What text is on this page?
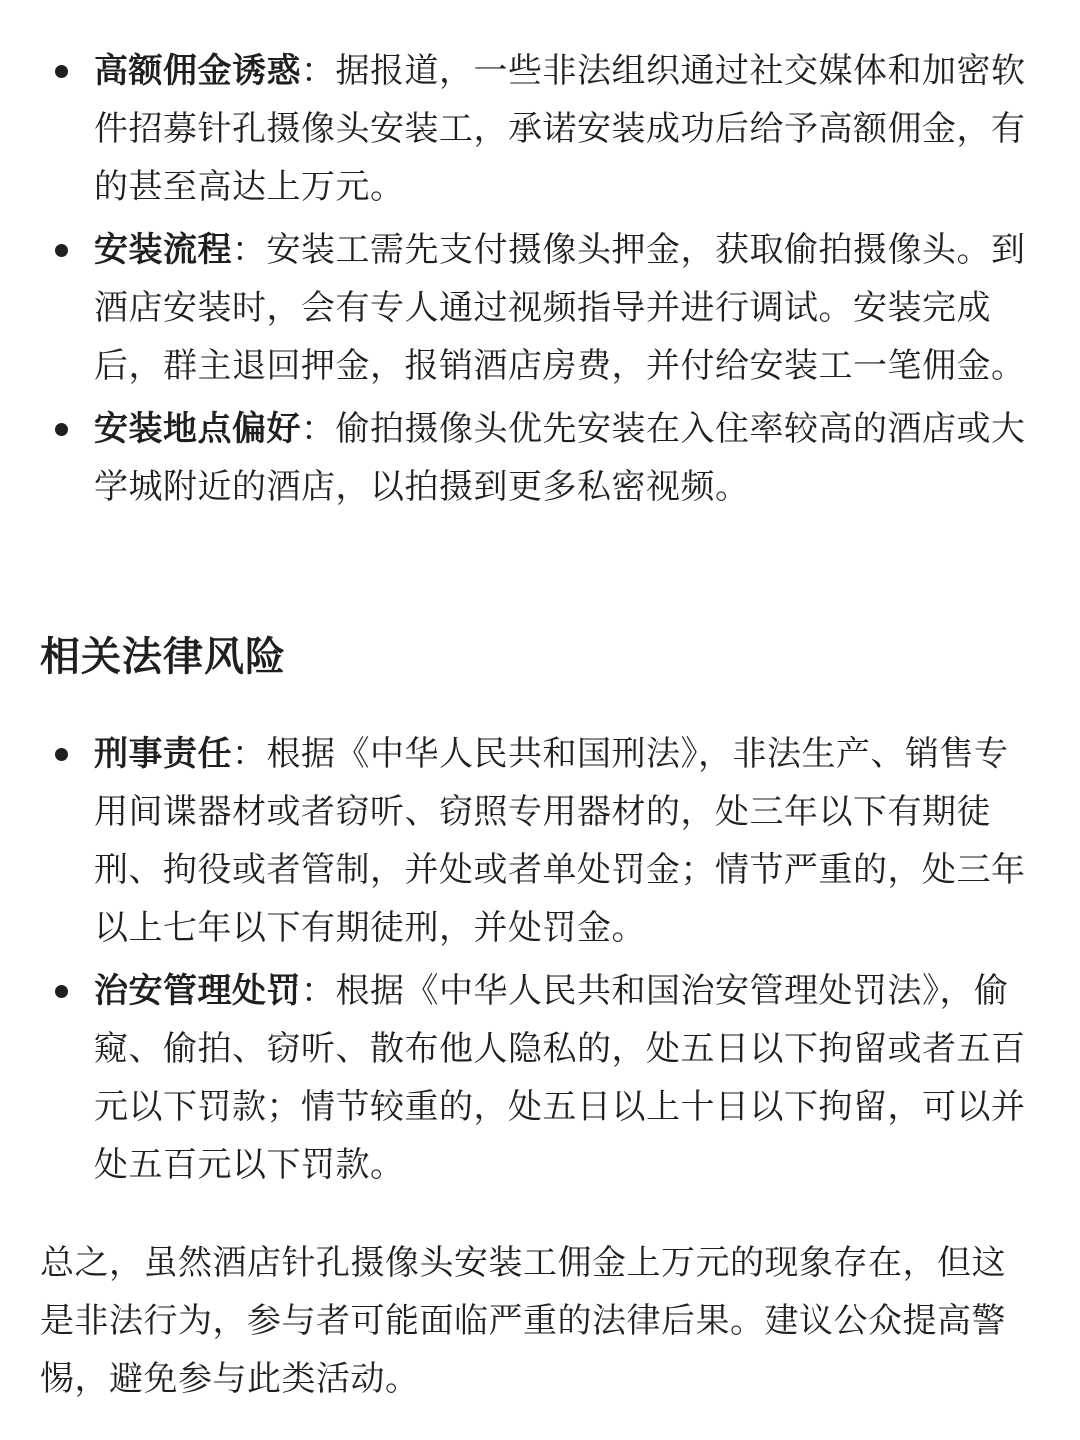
高额佣金诱惑：据报道，一些非法组织通过社交媒体和加密软件招募针孔摄像头安装工，承诺安装成功后给予高额佣金，有的甚至高达上万元。
安装流程：安装工需先支付摄像头押金，获取偷拍摄像头。到酒店安装时，会有专人通过视频指导并进行调试。安装完成后，群主退回押金，报销酒店房费，并付给安装工一笔佣金。
安装地点偏好：偷拍摄像头优先安装在入住率较高的酒店或大学城附近的酒店，以拍摄到更多私密视频。
相关法律风险
刑事责任：根据《中华人民共和国刑法》，非法生产、销售专用间谍器材或者窃听、窃照专用器材的，处三年以下有期徒刑、拘役或者管制，并处或者单处罚金；情节严重的，处三年以上七年以下有期徒刑，并处罚金。
治安管理处罚：根据《中华人民共和国治安管理处罚法》，偷窥、偷拍、窃听、散布他人隐私的，处五日以下拘留或者五百元以下罚款；情节较重的，处五日以上十日以下拘留，可以并处五百元以下罚款。

总之，虽然酒店针孔摄像头安装工佣金上万元的现象存在，但这是非法行为，参与者可能面临严重的法律后果。建议公众提高警惕，避免参与此类活动。
